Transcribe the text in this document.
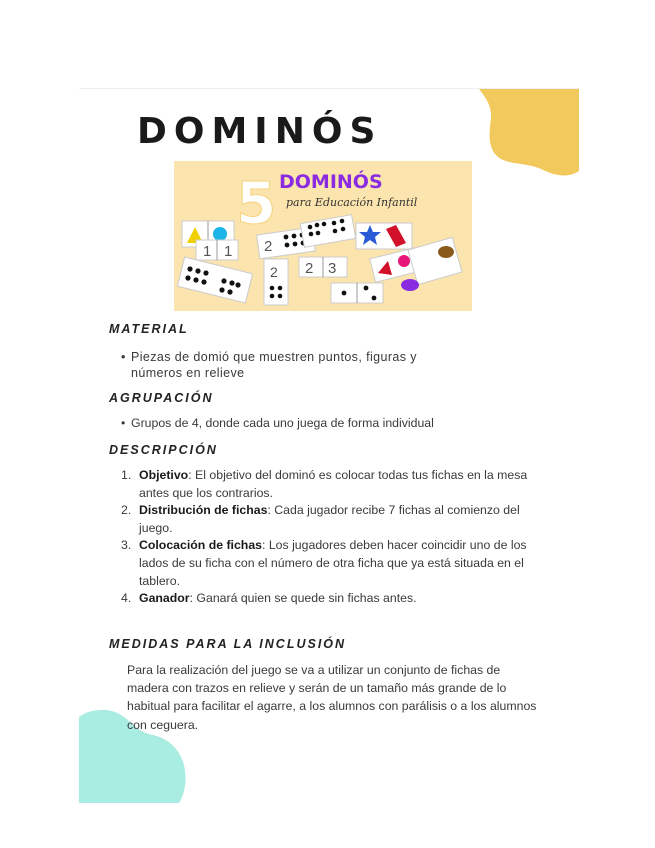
DOMINÓS
5 DOMINÓS
para Educación Infantil
1 1 2
2	3
2
MATERIAL
• Piezas de domió que muestren puntos, figuras y números en relieve
AGRUPACIÓN
• Grupos de 4, donde cada uno juega de forma individual
DESCRIPCIÓN
1. Objetivo: El objetivo del dominó es colocar todas tus fichas en la mesa antes que los contrarios.
2. Distribución de fichas: Cada jugador recibe 7 fichas al comienzo del juego.
3. Colocación de fichas: Los jugadores deben hacer coincidir uno de los lados de su ficha con el número de otra ficha que ya está situada en el tablero.
4. Ganador: Ganará quien se quede sin fichas antes.
MEDIDAS PARA LA INCLUSIÓN

Para la realización del juego se va a utilizar un conjunto de fichas de madera con trazos en relieve y serán de un tamaño más grande de lo habitual para facilitar el agarre, a los alumnos con parálisis o a los alumnos con ceguera.
